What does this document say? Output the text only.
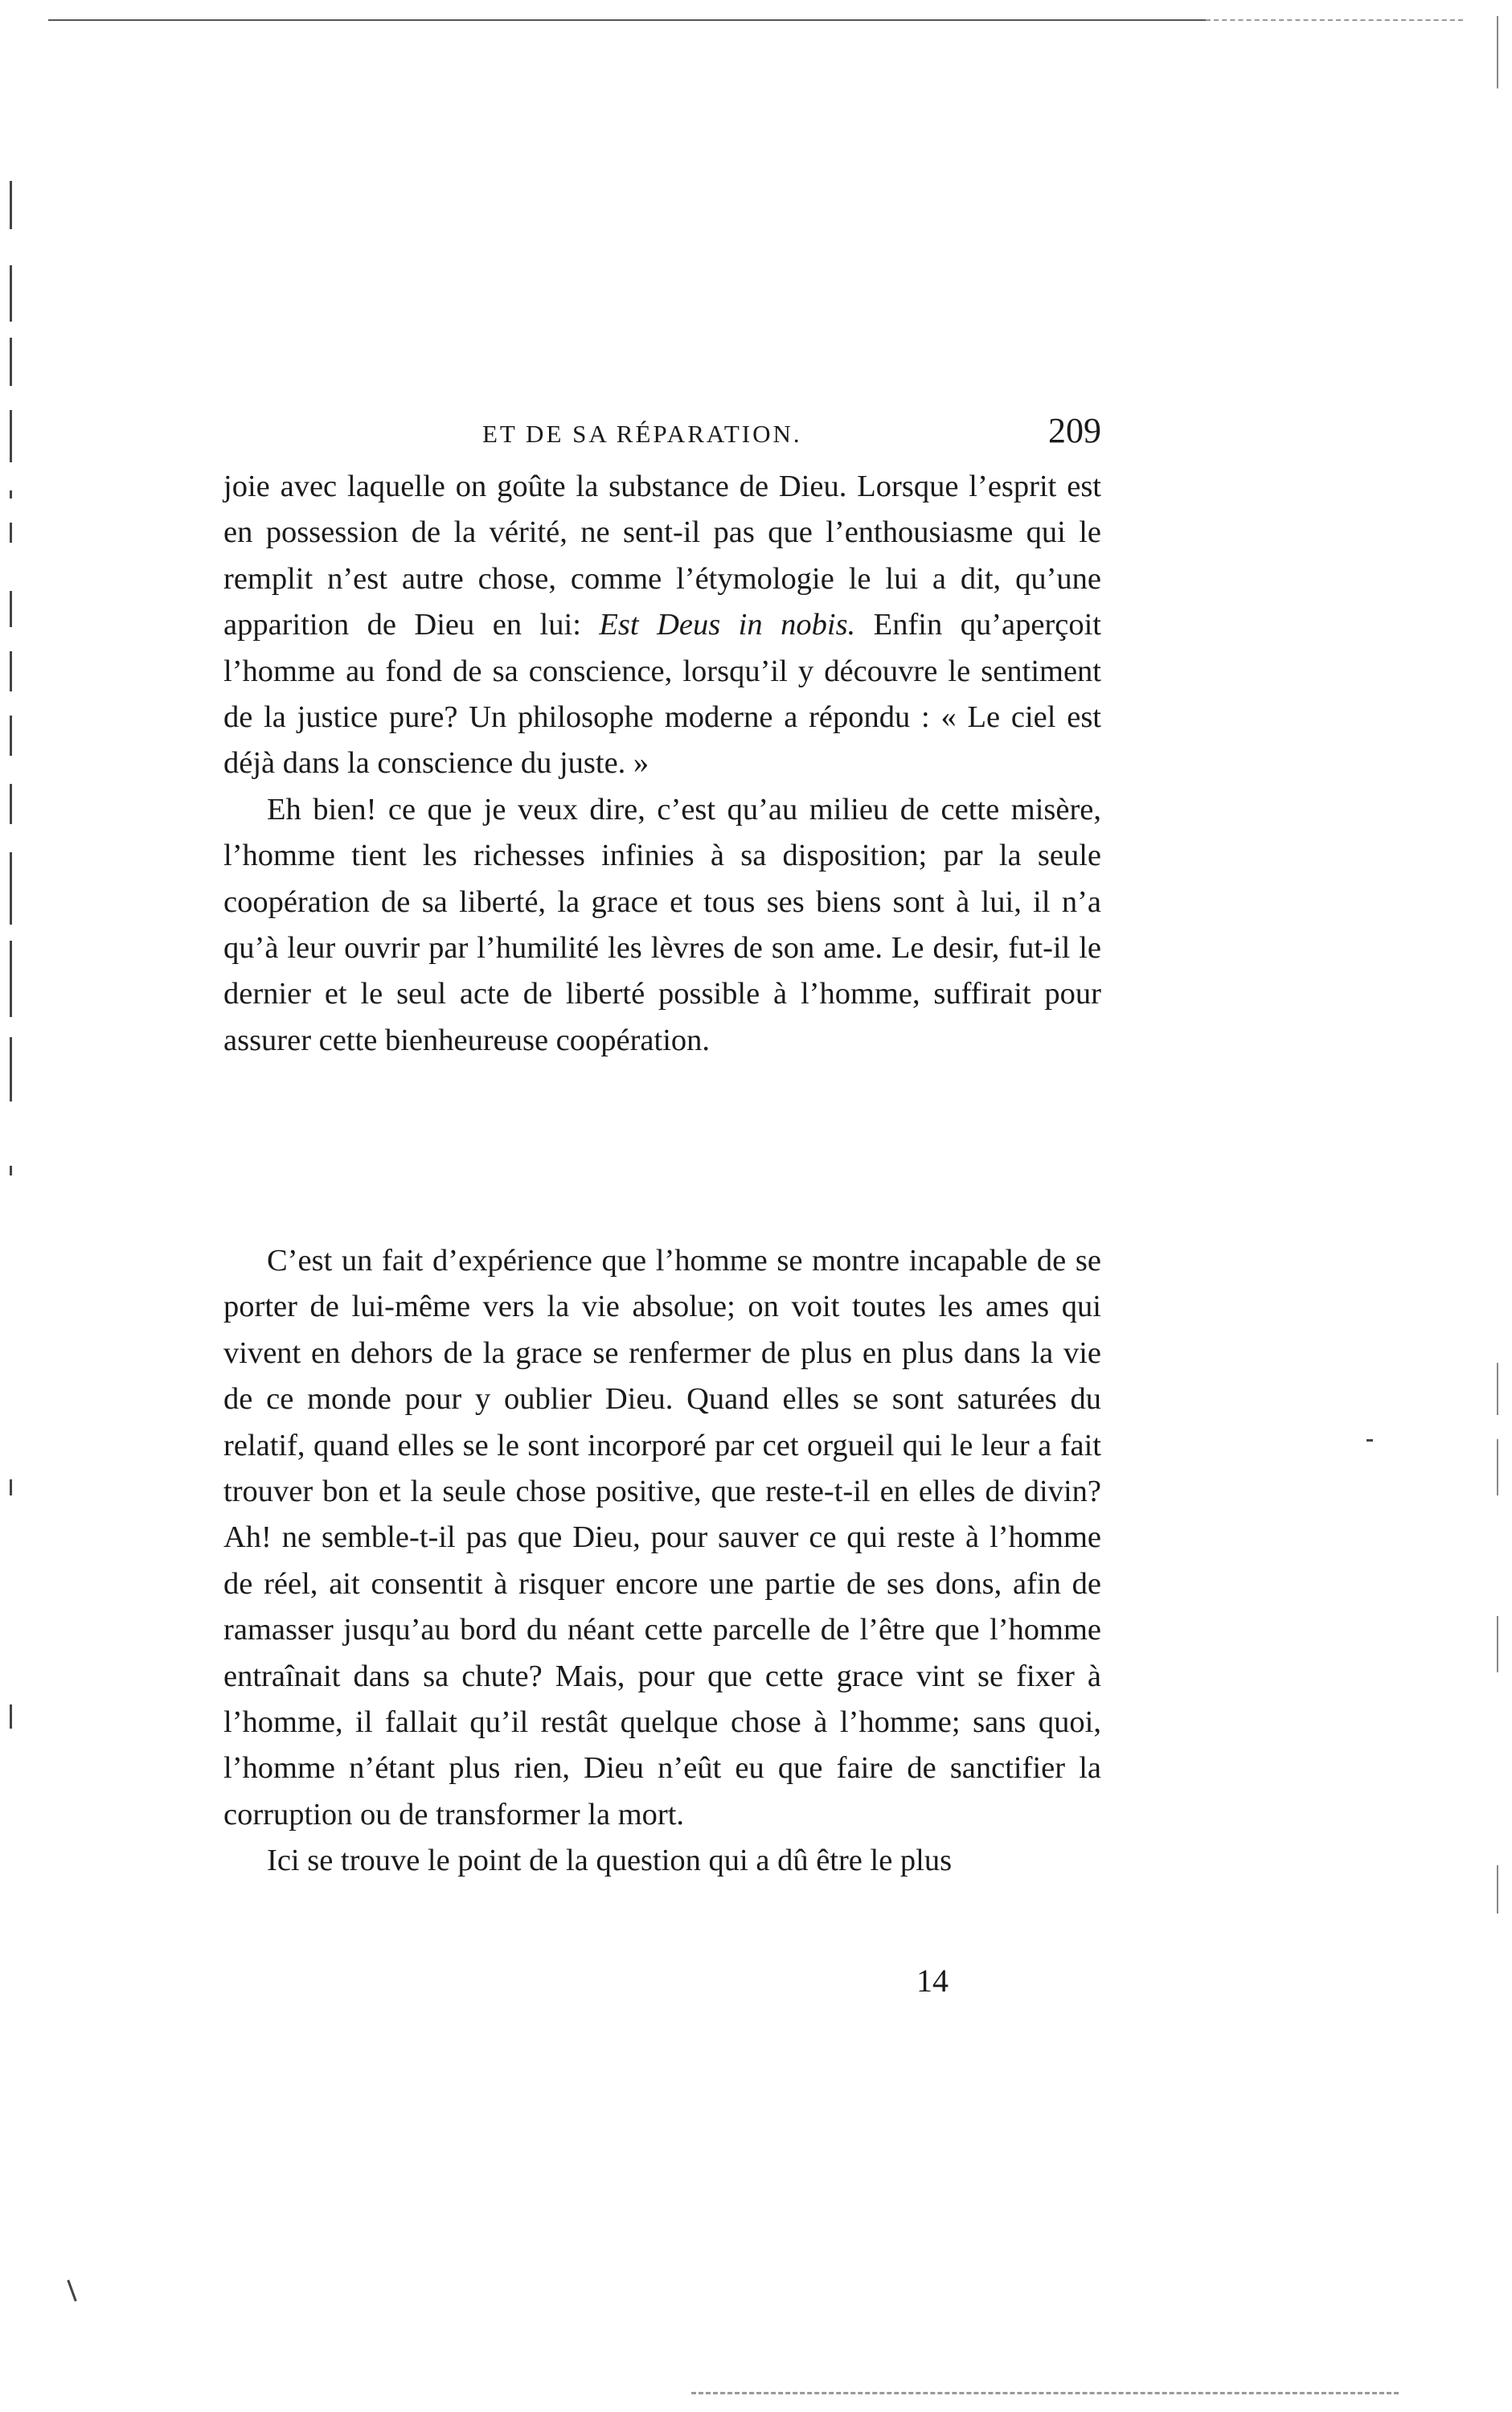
ET DE SA RÉPARATION.	209

joie avec laquelle on goûte la substance de Dieu. Lorsque l’esprit est en possession de la vérité, ne sent-il pas que l’enthousiasme qui le remplit n’est autre chose, comme l’étymologie le lui a dit, qu’une apparition de Dieu en lui: Est Deus in nobis. Enfin qu’aperçoit l’homme au fond de sa conscience, lorsqu’il y découvre le sentiment de la justice pure? Un philosophe moderne a répondu : « Le ciel est déjà dans la conscience du juste. »

Eh bien! ce que je veux dire, c’est qu’au milieu de cette misère, l’homme tient les richesses infinies à sa disposition; par la seule coopération de sa liberté, la grace et tous ses biens sont à lui, il n’a qu’à leur ouvrir par l’humilité les lèvres de son ame. Le desir, fut-il le dernier et le seul acte de liberté possible à l’homme, suffirait pour assurer cette bienheureuse coopération.

C’est un fait d’expérience que l’homme se montre incapable de se porter de lui-même vers la vie absolue; on voit toutes les ames qui vivent en dehors de la grace se renfermer de plus en plus dans la vie de ce monde pour y oublier Dieu. Quand elles se sont saturées du relatif, quand elles se le sont incorporé par cet orgueil qui le leur a fait trouver bon et la seule chose positive, que reste-t-il en elles de divin? Ah! ne semble-t-il pas que Dieu, pour sauver ce qui reste à l’homme de réel, ait consentit à risquer encore une partie de ses dons, afin de ramasser jusqu’au bord du néant cette parcelle de l’être que l’homme entraînait dans sa chute? Mais, pour que cette grace vint se fixer à l’homme, il fallait qu’il restât quelque chose à l’homme; sans quoi, l’homme n’étant plus rien, Dieu n’eût eu que faire de sanctifier la corruption ou de transformer la mort.

Ici se trouve le point de la question qui a dû être le plus

14
